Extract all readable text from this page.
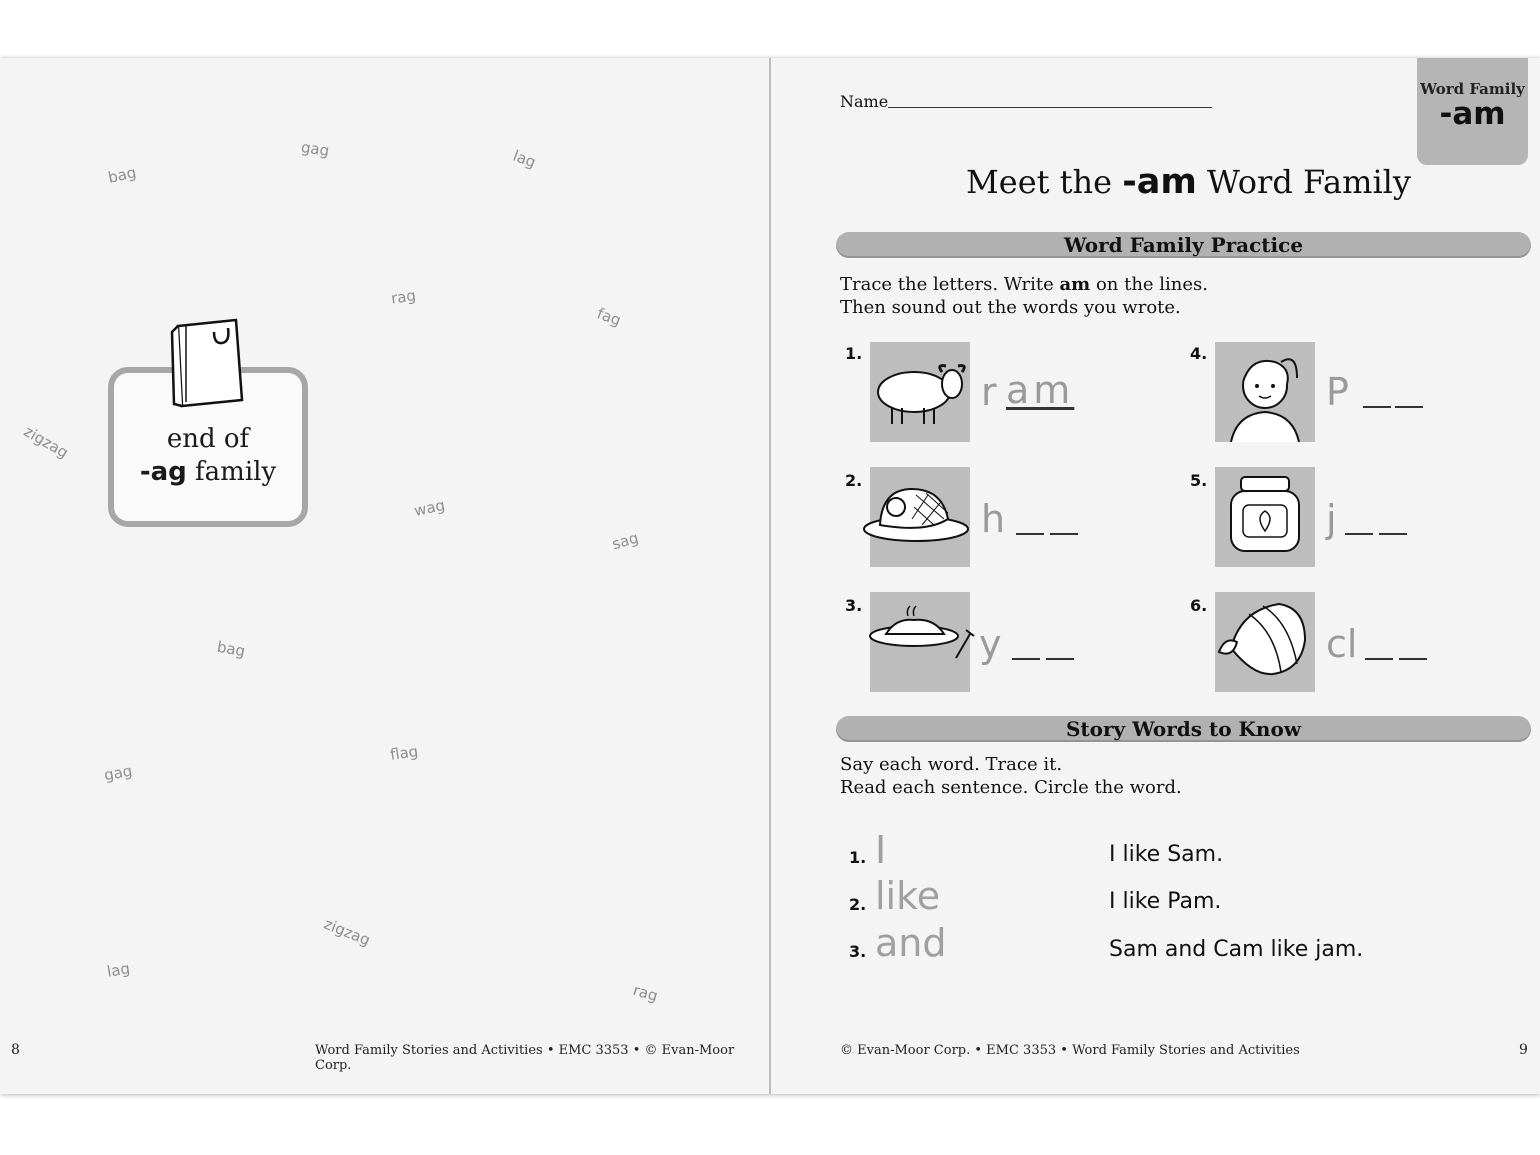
bag
gag	lag
rag
fag
zigzag
wag
sag
bag
flag
gag
zigzag
lag
rag
end of
-ag family
8	Word Family Stories and Activities • EMC 3353 • © Evan-Moor Corp.
Name
Word Family
-am
Meet the -am Word Family
Word Family Practice
Trace the letters. Write am on the lines.
Then sound out the words you wrote.
1.
r am
2.
h
3.
y
4.
P
5.
j
6.
cl
Story Words to Know
Say each word. Trace it.
Read each sentence. Circle the word.
1. I	I like Sam.
2. like	I like Pam.
3. and	Sam and Cam like jam.
© Evan-Moor Corp. • EMC 3353 • Word Family Stories and Activities	9
